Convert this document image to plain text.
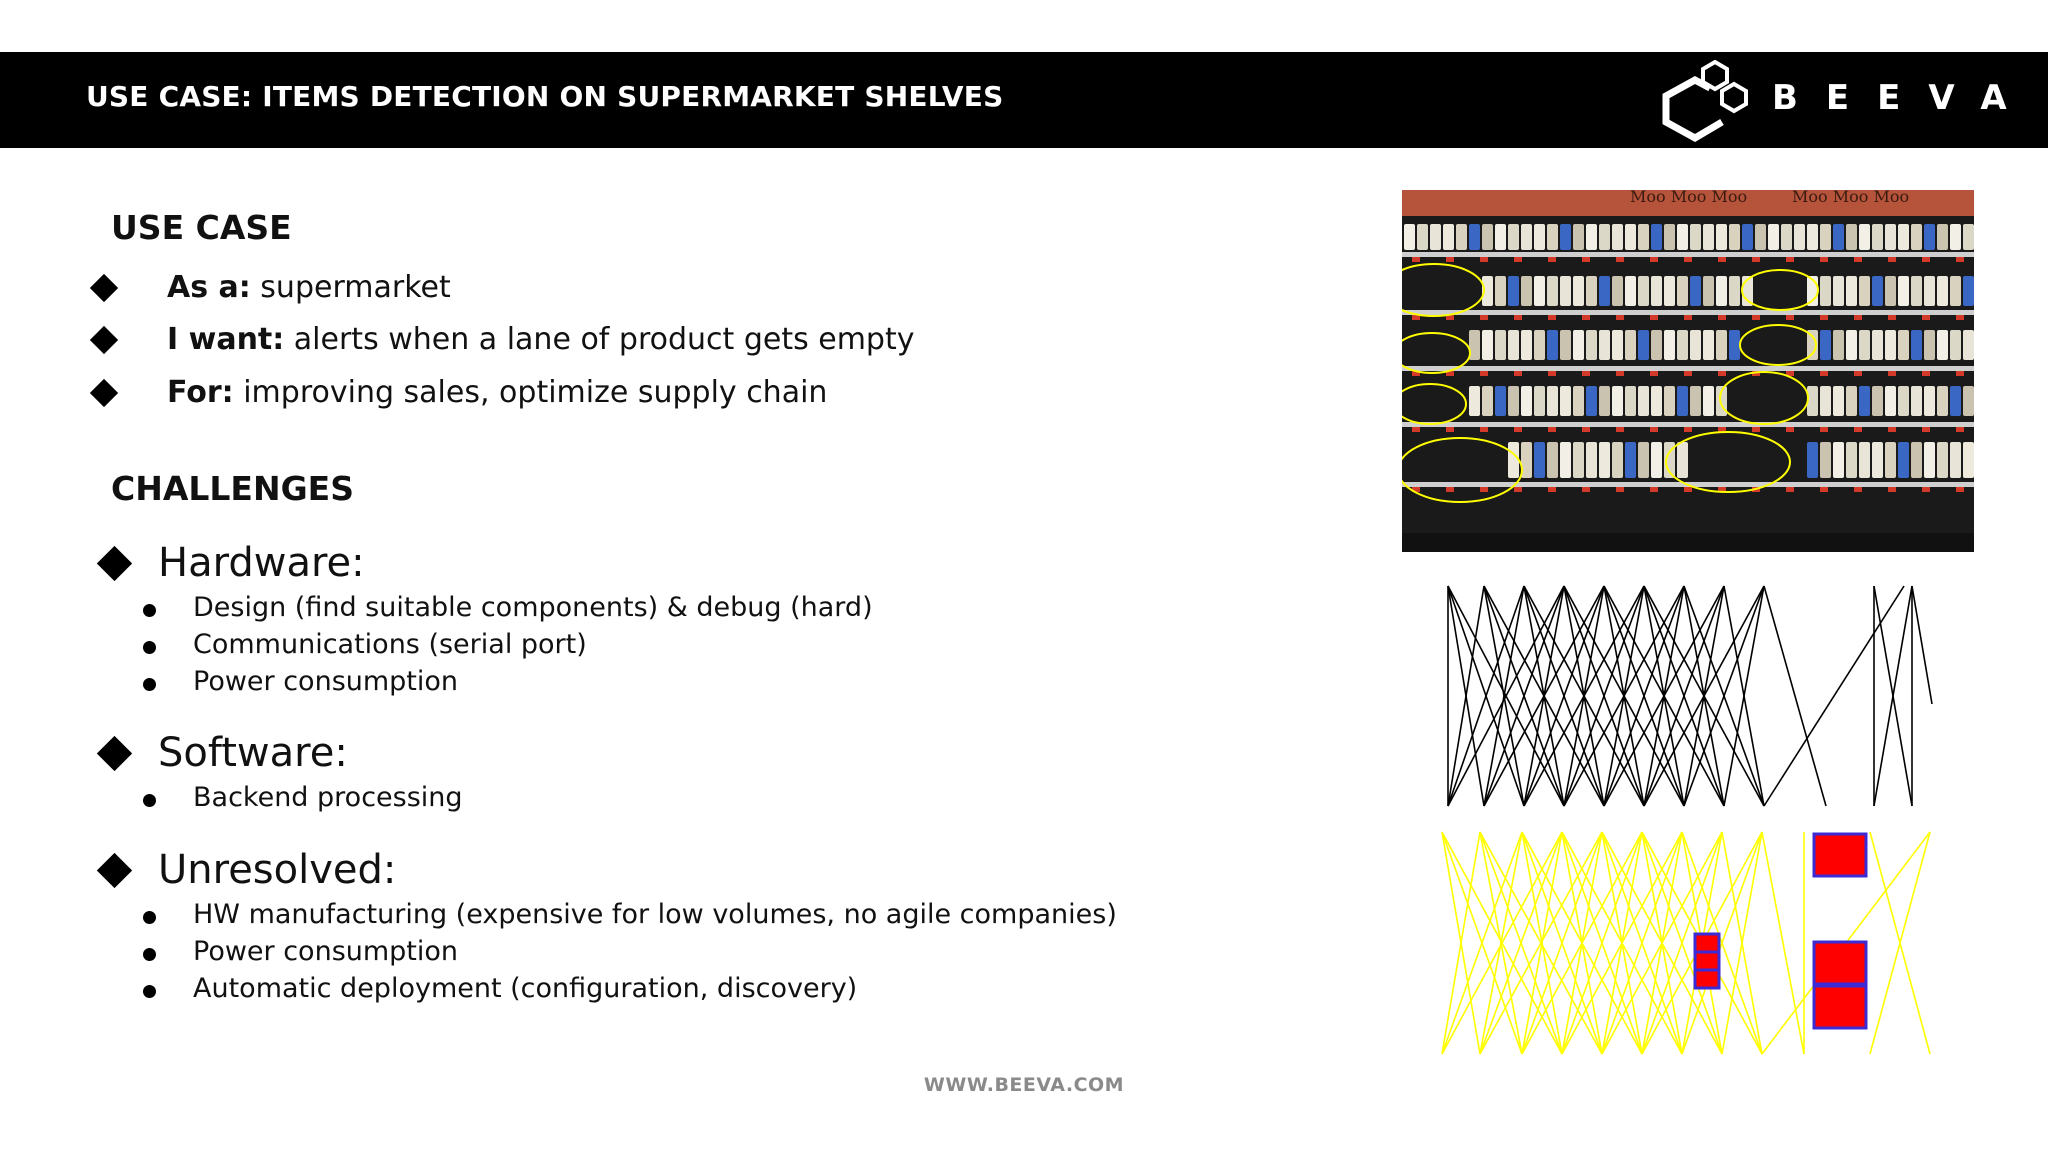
USE CASE: ITEMS DETECTION ON SUPERMARKET SHELVES	BEEVA
USE CASE
As a: supermarket
I want: alerts when a lane of product gets empty
For: improving sales, optimize supply chain
CHALLENGES
Hardware:
Design (find suitable components) & debug (hard)
Communications (serial port)
Power consumption
Software:
Backend processing
Unresolved:
HW manufacturing (expensive for low volumes, no agile companies)
Power consumption
Automatic deployment (configuration, discovery)
Moo Moo Moo	Moo Moo Moo
WWW.BEEVA.COM
